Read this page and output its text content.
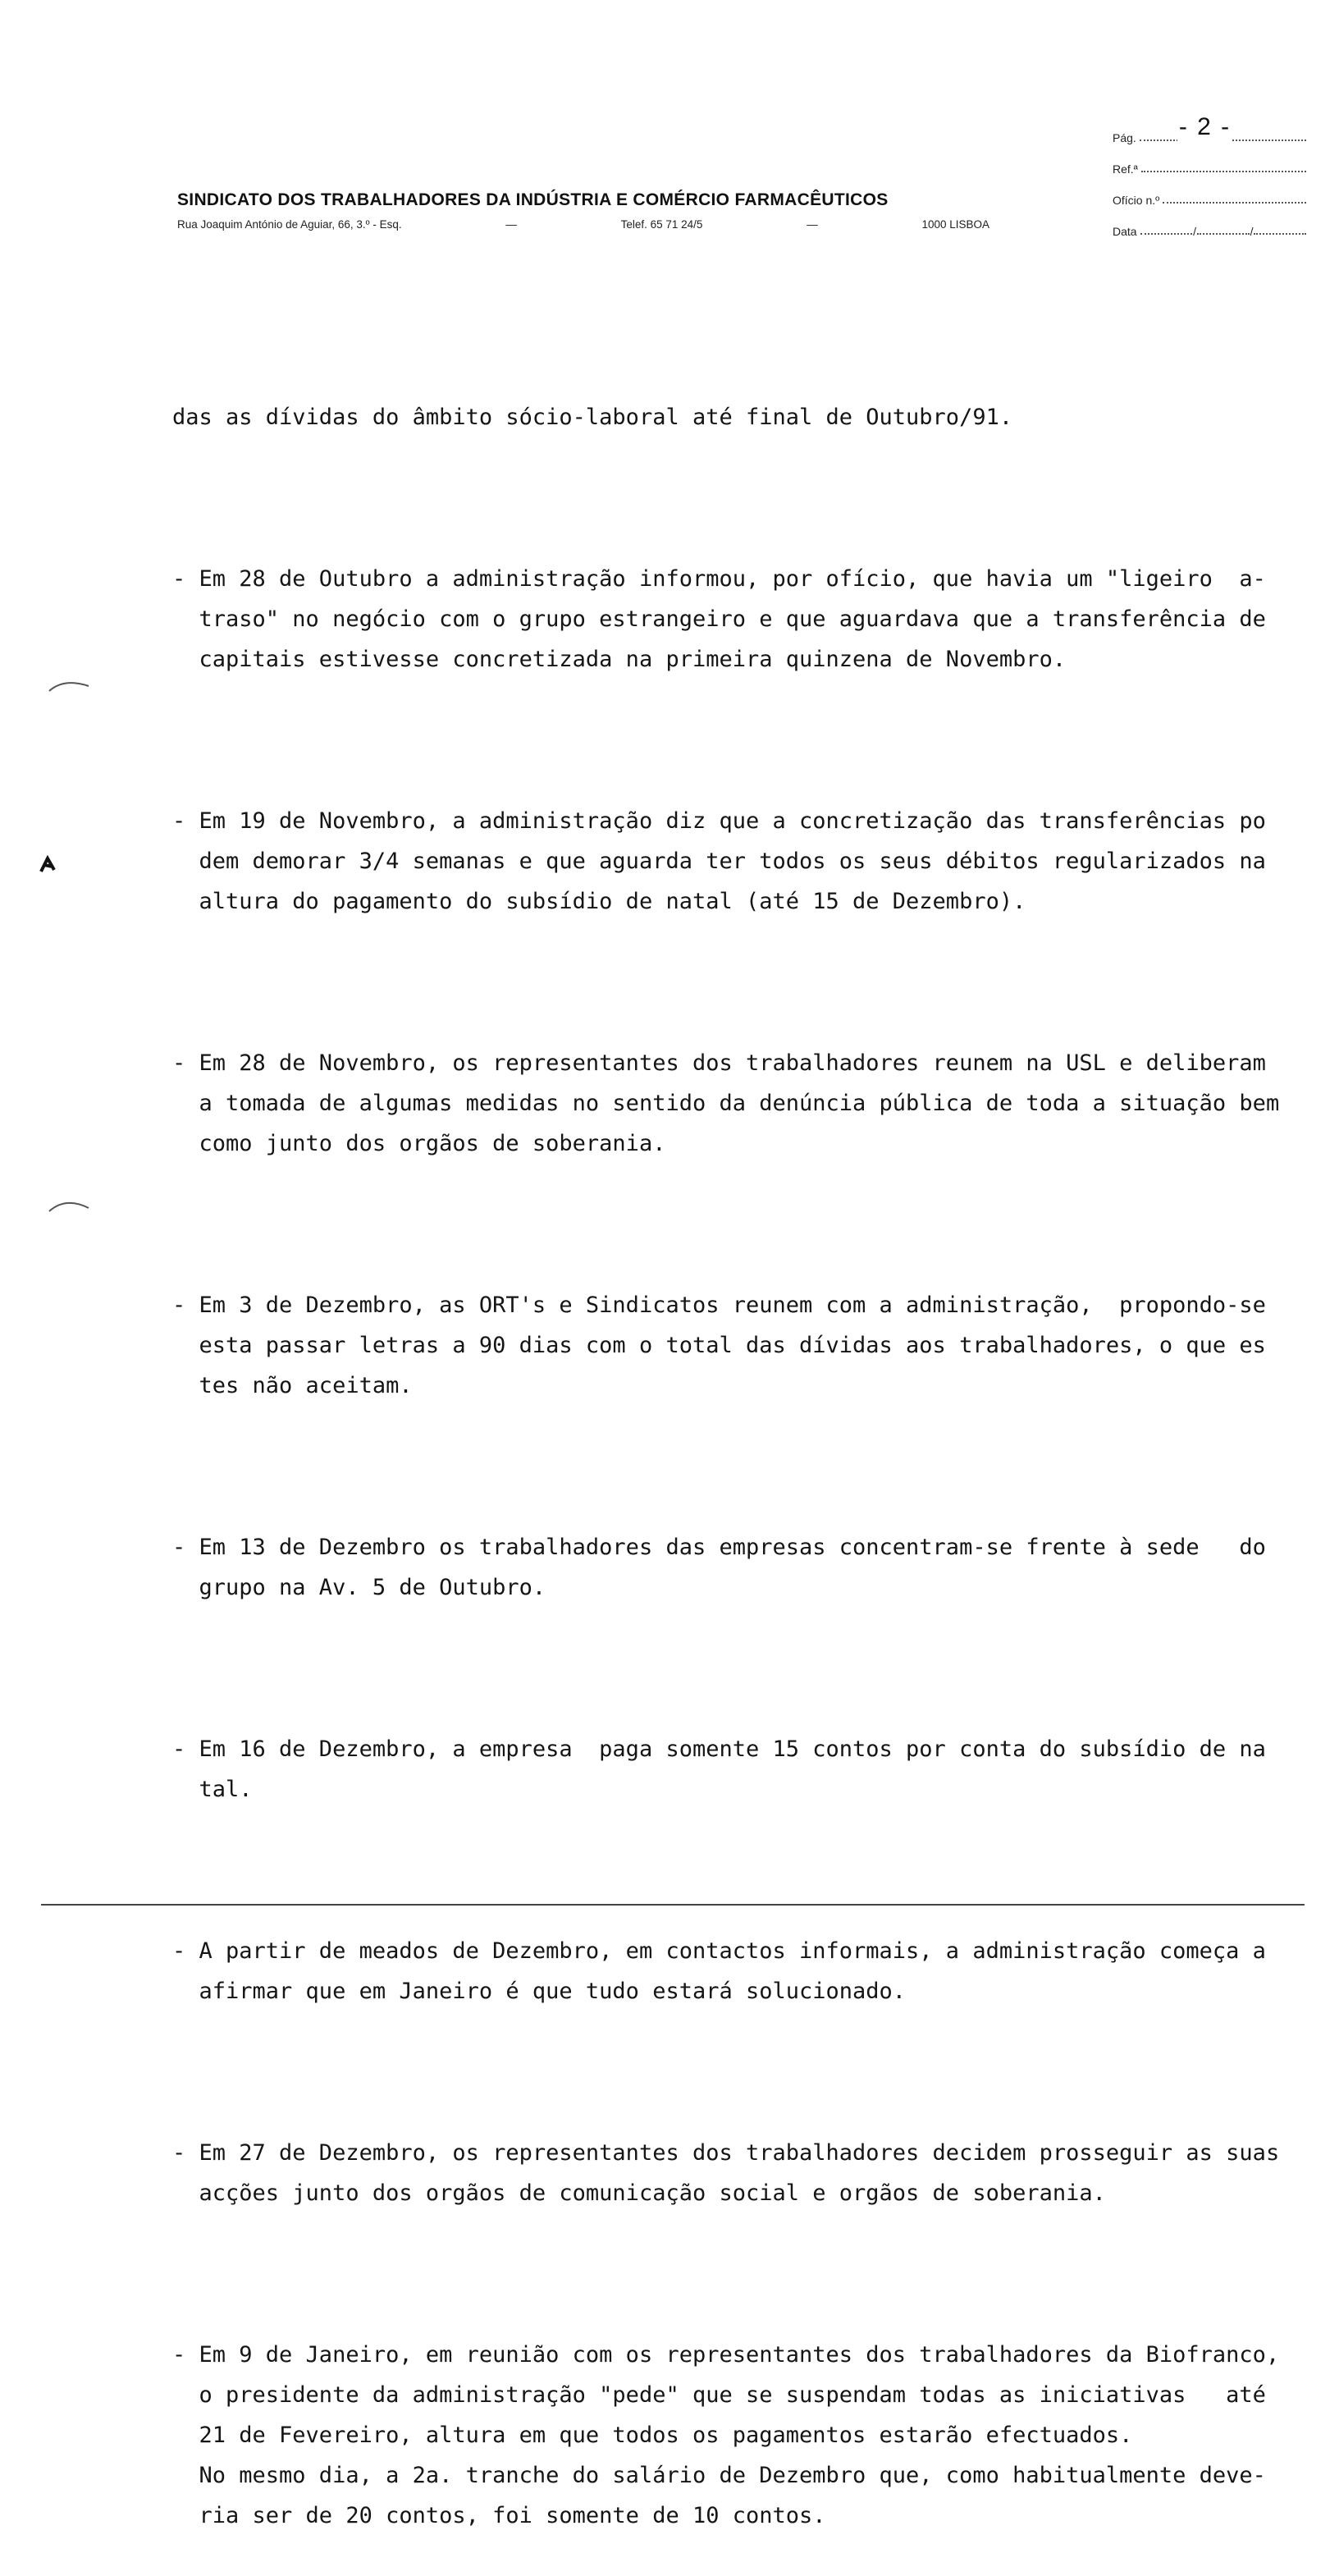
Pág. - 2 -
Ref.ª
Ofício n.º
Data	/	/
SINDICATO DOS TRABALHADORES DA INDÚSTRIA E COMÉRCIO FARMACÊUTICOS
Rua Joaquim António de Aguiar, 66, 3.º - Esq.	—	Telef. 65 71 24/5	—	1000 LISBOA

das as dívidas do âmbito sócio-laboral até final de Outubro/91.

- Em 28 de Outubro a administração informou, por ofício, que havia um "ligeiro  a-
traso" no negócio com o grupo estrangeiro e que aguardava que a transferência de
capitais estivesse concretizada na primeira quinzena de Novembro.

- Em 19 de Novembro, a administração diz que a concretização das transferências po
dem demorar 3/4 semanas e que aguarda ter todos os seus débitos regularizados na
altura do pagamento do subsídio de natal (até 15 de Dezembro).

- Em 28 de Novembro, os representantes dos trabalhadores reunem na USL e deliberam
a tomada de algumas medidas no sentido da denúncia pública de toda a situação bem
como junto dos orgãos de soberania.

- Em 3 de Dezembro, as ORT's e Sindicatos reunem com a administração,  propondo-se
esta passar letras a 90 dias com o total das dívidas aos trabalhadores, o que es
tes não aceitam.

- Em 13 de Dezembro os trabalhadores das empresas concentram-se frente à sede   do
grupo na Av. 5 de Outubro.

- Em 16 de Dezembro, a empresa  paga somente 15 contos por conta do subsídio de na
tal.

- A partir de meados de Dezembro, em contactos informais, a administração começa a
afirmar que em Janeiro é que tudo estará solucionado.

- Em 27 de Dezembro, os representantes dos trabalhadores decidem prosseguir as suas
acções junto dos orgãos de comunicação social e orgãos de soberania.

- Em 9 de Janeiro, em reunião com os representantes dos trabalhadores da Biofranco,
o presidente da administração "pede" que se suspendam todas as iniciativas   até
21 de Fevereiro, altura em que todos os pagamentos estarão efectuados.
No mesmo dia, a 2a. tranche do salário de Dezembro que, como habitualmente deve-
ria ser de 20 contos, foi somente de 10 contos.
